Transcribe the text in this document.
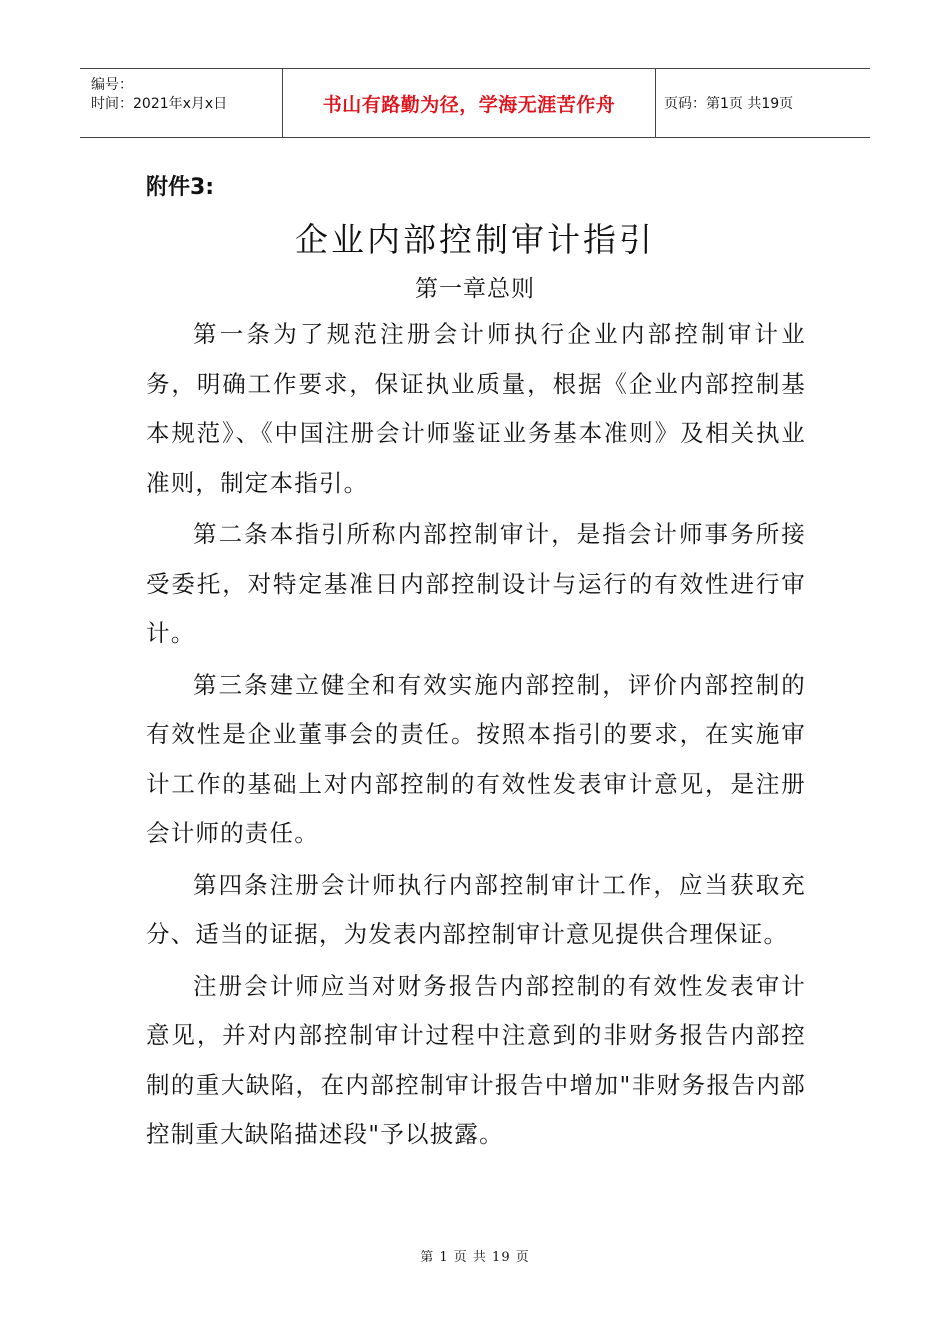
编号：
时间：2021年x月x日	书山有路勤为径，学海无涯苦作舟	页码：第1页 共19页
附件3:
企业内部控制审计指引
第一章总则

第一条为了规范注册会计师执行企业内部控制审计业务，明确工作要求，保证执业质量，根据《企业内部控制基本规范》、《中国注册会计师鉴证业务基本准则》及相关执业准则，制定本指引。

第二条本指引所称内部控制审计，是指会计师事务所接受委托，对特定基准日内部控制设计与运行的有效性进行审计。

第三条建立健全和有效实施内部控制，评价内部控制的有效性是企业董事会的责任。按照本指引的要求，在实施审计工作的基础上对内部控制的有效性发表审计意见，是注册会计师的责任。

第四条注册会计师执行内部控制审计工作，应当获取充分、适当的证据，为发表内部控制审计意见提供合理保证。

注册会计师应当对财务报告内部控制的有效性发表审计意见，并对内部控制审计过程中注意到的非财务报告内部控制的重大缺陷，在内部控制审计报告中增加"非财务报告内部控制重大缺陷描述段"予以披露。

第 1 页 共 19 页
